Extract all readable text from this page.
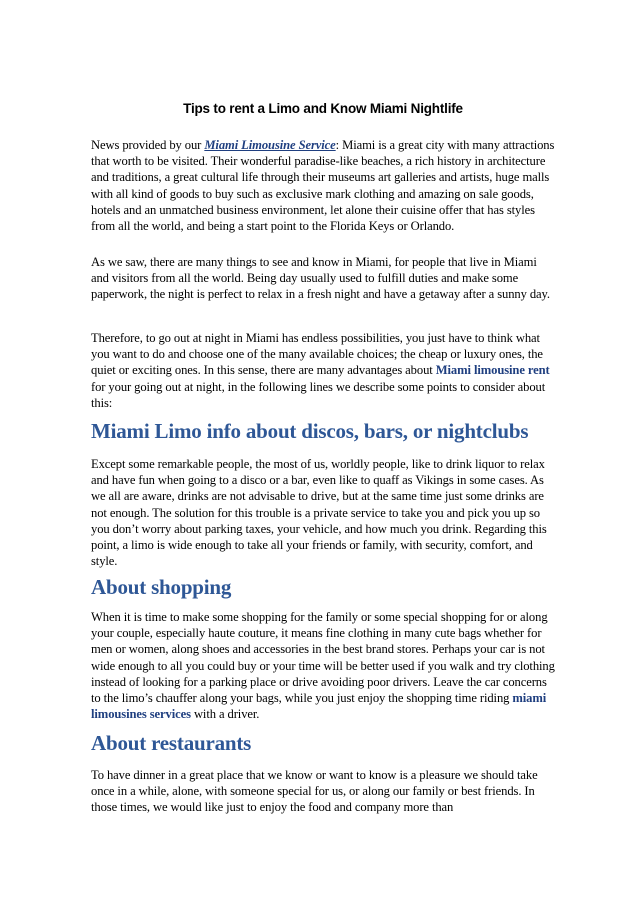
Tips to rent a Limo and Know Miami Nightlife

News provided by our Miami Limousine Service: Miami is a great city with many attractions that worth to be visited. Their wonderful paradise-like beaches, a rich history in architecture and traditions, a great cultural life through their museums art galleries and artists, huge malls with all kind of goods to buy such as exclusive mark clothing and amazing on sale goods, hotels and an unmatched business environment, let alone their cuisine offer that has styles from all the world, and being a start point to the Florida Keys or Orlando.

As we saw, there are many things to see and know in Miami, for people that live in Miami and visitors from all the world. Being day usually used to fulfill duties and make some paperwork, the night is perfect to relax in a fresh night and have a getaway after a sunny day.

Therefore, to go out at night in Miami has endless possibilities, you just have to think what you want to do and choose one of the many available choices; the cheap or luxury ones, the quiet or exciting ones. In this sense, there are many advantages about Miami limousine rent for your going out at night, in the following lines we describe some points to consider about this:

Miami Limo info about discos, bars, or nightclubs

Except some remarkable people, the most of us, worldly people, like to drink liquor to relax and have fun when going to a disco or a bar, even like to quaff as Vikings in some cases. As we all are aware, drinks are not advisable to drive, but at the same time just some drinks are not enough. The solution for this trouble is a private service to take you and pick you up so you don’t worry about parking taxes, your vehicle, and how much you drink. Regarding this point, a limo is wide enough to take all your friends or family, with security, comfort, and style.

About shopping

When it is time to make some shopping for the family or some special shopping for or along your couple, especially haute couture, it means fine clothing in many cute bags whether for men or women, along shoes and accessories in the best brand stores. Perhaps your car is not wide enough to all you could buy or your time will be better used if you walk and try clothing instead of looking for a parking place or drive avoiding poor drivers. Leave the car concerns to the limo’s chauffer along your bags, while you just enjoy the shopping time riding miami limousines services with a driver.

About restaurants

To have dinner in a great place that we know or want to know is a pleasure we should take once in a while, alone, with someone special for us, or along our family or best friends. In those times, we would like just to enjoy the food and company more than
